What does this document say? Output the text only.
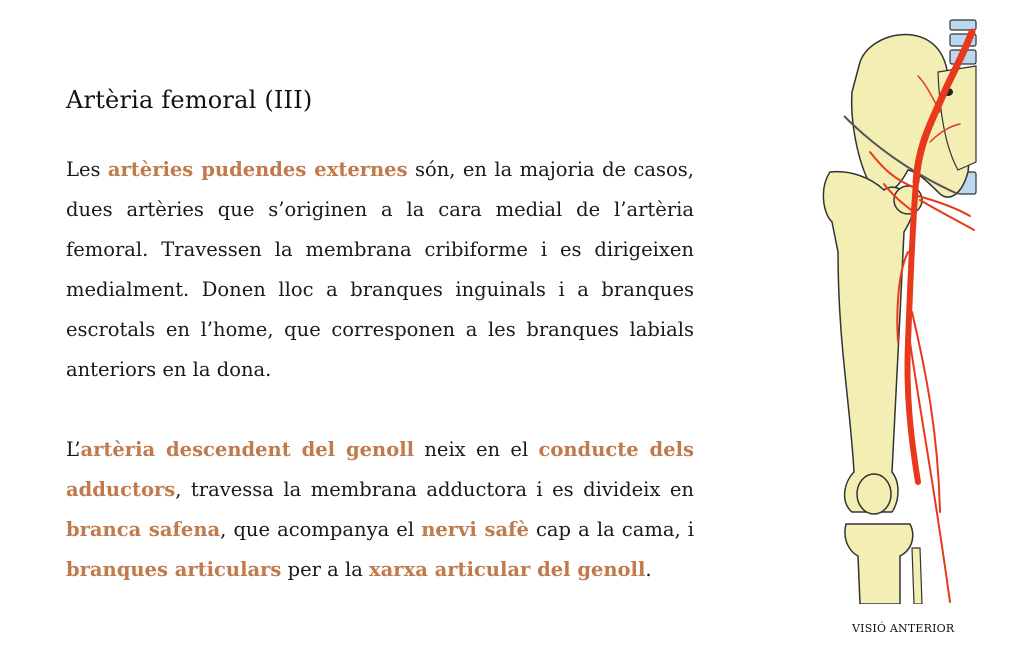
Artèria femoral (III)

Les artèries pudendes externes són, en la majoria de casos, dues artèries que s’originen a la cara medial de l’artèria femoral. Travessen la membrana cribiforme i es dirigeixen medialment. Donen lloc a branques inguinals i a branques escrotals en l’home, que corresponen a les branques labials anteriors en la dona.

L’artèria descendent del genoll neix en el conducte dels adductors, travessa la membrana adductora i es divideix en branca safena, que acompanya el nervi safè cap a la cama, i branques articulars per a la xarxa articular del genoll.

VISIÓ ANTERIOR
